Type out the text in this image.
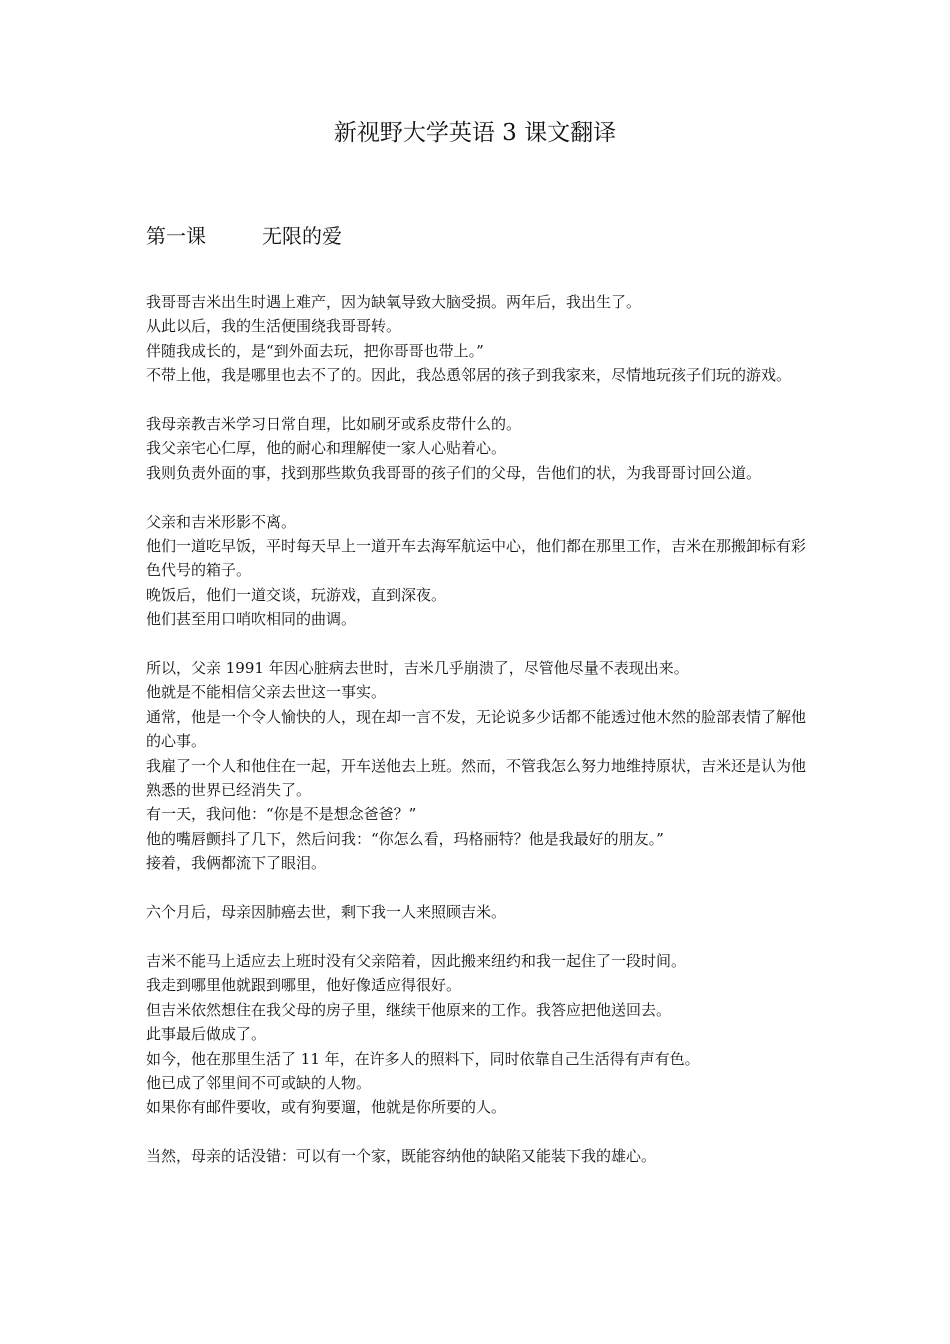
新视野大学英语 3 课文翻译
第一课	无限的爱
我哥哥吉米出生时遇上难产，因为缺氧导致大脑受损。两年后，我出生了。
从此以后，我的生活便围绕我哥哥转。
伴随我成长的，是“到外面去玩，把你哥哥也带上。”
不带上他，我是哪里也去不了的。因此，我怂恿邻居的孩子到我家来，尽情地玩孩子们玩的游戏。
我母亲教吉米学习日常自理，比如刷牙或系皮带什么的。
我父亲宅心仁厚，他的耐心和理解使一家人心贴着心。
我则负责外面的事，找到那些欺负我哥哥的孩子们的父母，告他们的状，为我哥哥讨回公道。
父亲和吉米形影不离。
他们一道吃早饭，平时每天早上一道开车去海军航运中心，他们都在那里工作，吉米在那搬卸标有彩色代号的箱子。
晚饭后，他们一道交谈，玩游戏，直到深夜。
他们甚至用口哨吹相同的曲调。
所以，父亲 1991 年因心脏病去世时，吉米几乎崩溃了，尽管他尽量不表现出来。
他就是不能相信父亲去世这一事实。
通常，他是一个令人愉快的人，现在却一言不发，无论说多少话都不能透过他木然的脸部表情了解他的心事。
我雇了一个人和他住在一起，开车送他去上班。然而，不管我怎么努力地维持原状，吉米还是认为他熟悉的世界已经消失了。
有一天，我问他：“你是不是想念爸爸？”
他的嘴唇颤抖了几下，然后问我：“你怎么看，玛格丽特？他是我最好的朋友。”
接着，我俩都流下了眼泪。
六个月后，母亲因肺癌去世，剩下我一人来照顾吉米。
吉米不能马上适应去上班时没有父亲陪着，因此搬来纽约和我一起住了一段时间。
我走到哪里他就跟到哪里，他好像适应得很好。
但吉米依然想住在我父母的房子里，继续干他原来的工作。我答应把他送回去。
此事最后做成了。
如今，他在那里生活了 11 年，在许多人的照料下，同时依靠自己生活得有声有色。
他已成了邻里间不可或缺的人物。
如果你有邮件要收，或有狗要遛，他就是你所要的人。
当然，母亲的话没错：可以有一个家，既能容纳他的缺陷又能装下我的雄心。
